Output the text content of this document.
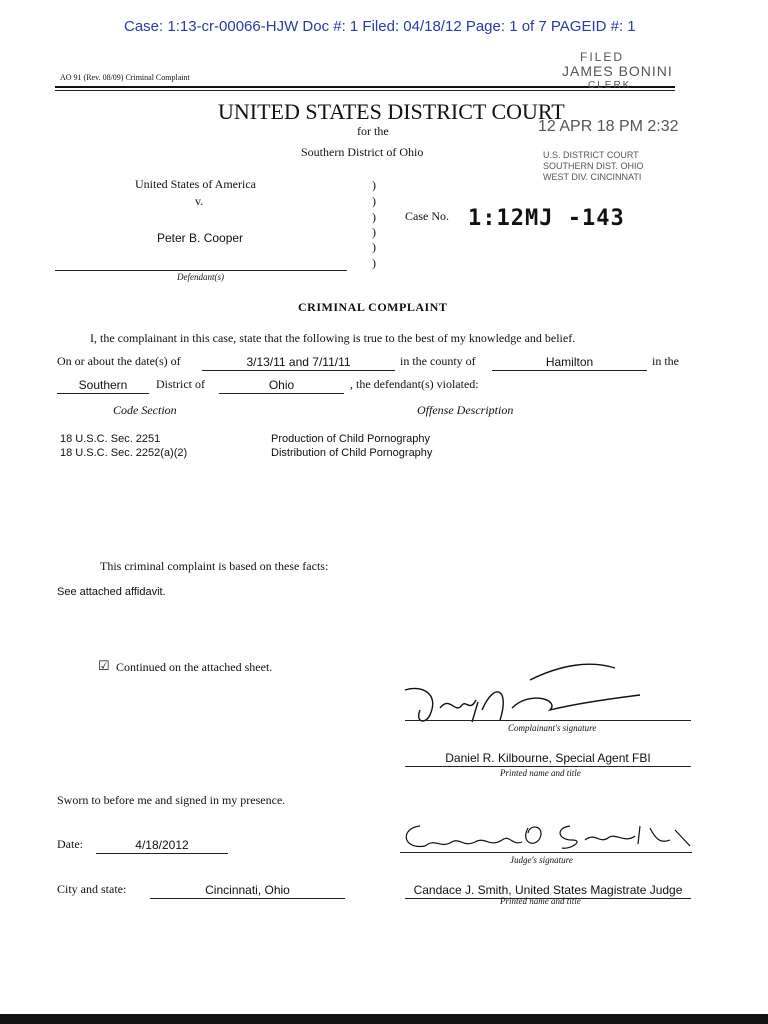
Case: 1:13-cr-00066-HJW Doc #: 1 Filed: 04/18/12 Page: 1 of 7 PAGEID #: 1
AO 91 (Rev. 08/09) Criminal Complaint
FILED
JAMES BONINI
CLERK
UNITED STATES DISTRICT COURT
for the
Southern District of Ohio
12 APR 18 PM 2:32
U.S. DISTRICT COURT
SOUTHERN DIST. OHIO
WEST DIV. CINCINNATI
United States of America
v.
Peter B. Cooper
Defendant(s)
)
)
)
)
)
)
Case No. 1:12MJ -143
CRIMINAL COMPLAINT
I, the complainant in this case, state that the following is true to the best of my knowledge and belief.
On or about the date(s) of	3/13/11 and 7/11/11	in the county of	Hamilton	in the
Southern	District of	Ohio	, the defendant(s) violated:
Code Section	Offense Description
18 U.S.C. Sec. 2251	Production of Child Pornography
18 U.S.C. Sec. 2252(a)(2)	Distribution of Child Pornography
This criminal complaint is based on these facts:
See attached affidavit.
☑ Continued on the attached sheet.
Complainant's signature
Daniel R. Kilbourne, Special Agent FBI
Printed name and title
Sworn to before me and signed in my presence.
Date:	4/18/2012
Judge's signature
City and state:	Cincinnati, Ohio	Candace J. Smith, United States Magistrate Judge
Printed name and title
